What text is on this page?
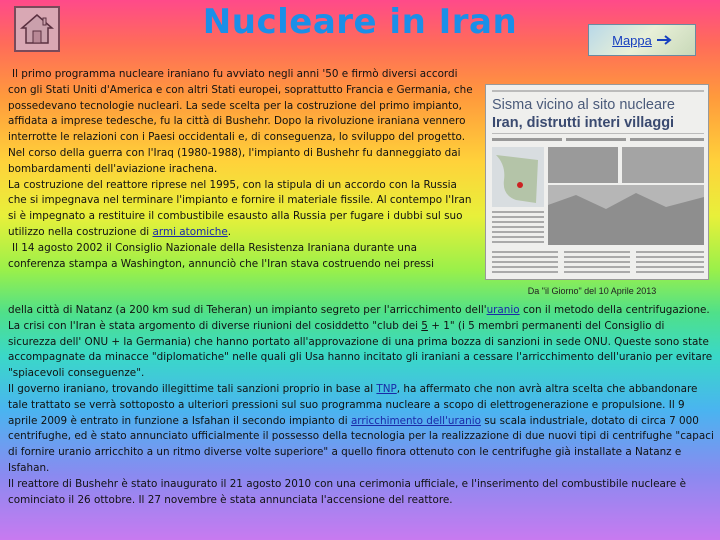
Nucleare in Iran	Mappa
Il primo programma nucleare iraniano fu avviato negli anni '50 e firmò diversi accordi con gli Stati Uniti d'America e con altri Stati europei, soprattutto Francia e Germania, che possedevano tecnologie nucleari. La sede scelta per la costruzione del primo impianto, affidata a imprese tedesche, fu la città di Bushehr. Dopo la rivoluzione iraniana vennero interrotte le relazioni con i Paesi occidentali e, di conseguenza, lo sviluppo del progetto. Nel corso della guerra con l'Iraq (1980-1988), l'impianto di Bushehr fu danneggiato dai bombardamenti dell'aviazione irachena.
La costruzione del reattore riprese nel 1995, con la stipula di un accordo con la Russia che si impegnava nel terminare l'impianto e fornire il materiale fissile. Al contempo l'Iran si è impegnato a restituire il combustibile esausto alla Russia per fugare i dubbi sul suo utilizzo nella costruzione di armi atomiche.
Il 14 agosto 2002 il Consiglio Nazionale della Resistenza Iraniana durante una conferenza stampa a Washington, annunciò che l'Iran stava costruendo nei pressi
Sisma vicino al sito nucleare
Iran, distrutti interi villaggi
Da "il Giorno" del 10 Aprile 2013
della città di Natanz (a 200 km sud di Teheran) un impianto segreto per l'arricchimento dell'uranio con il metodo della centrifugazione. La crisi con l'Iran è stata argomento di diverse riunioni del cosiddetto "club dei 5 + 1" (i 5 membri permanenti del Consiglio di sicurezza dell' ONU + la Germania) che hanno portato all'approvazione di una prima bozza di sanzioni in sede ONU. Queste sono state accompagnate da minacce "diplomatiche" nelle quali gli Usa hanno incitato gli iraniani a cessare l'arricchimento dell'uranio per evitare "spiacevoli conseguenze".
Il governo iraniano, trovando illegittime tali sanzioni proprio in base al TNP, ha affermato che non avrà altra scelta che abbandonare tale trattato se verrà sottoposto a ulteriori pressioni sul suo programma nucleare a scopo di elettrogenerazione e propulsione. Il 9 aprile 2009 è entrato in funzione a Isfahan il secondo impianto di arricchimento dell'uranio su scala industriale, dotato di circa 7 000 centrifughe, ed è stato annunciato ufficialmente il possesso della tecnologia per la realizzazione di due nuovi tipi di centrifughe "capaci di fornire uranio arricchito a un ritmo diverse volte superiore" a quello finora ottenuto con le centrifughe già installate a Natanz e Isfahan.
Il reattore di Bushehr è stato inaugurato il 21 agosto 2010 con una cerimonia ufficiale, e l'inserimento del combustibile nucleare è cominciato il 26 ottobre. Il 27 novembre è stata annunciata l'accensione del reattore.
